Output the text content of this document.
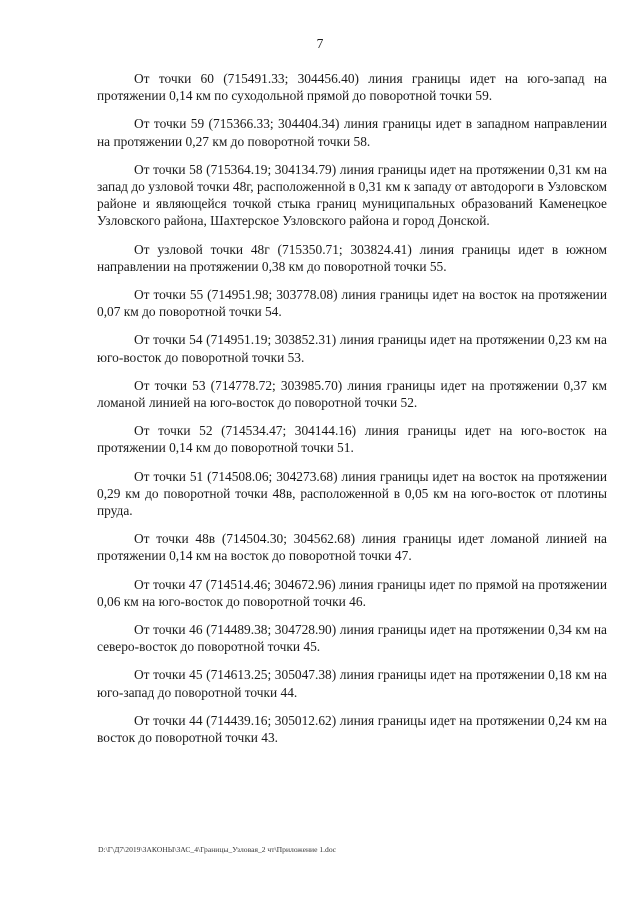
7

От точки 60 (715491.33; 304456.40) линия границы идет на юго-запад на протяжении 0,14 км по суходольной прямой до поворотной точки 59.

От точки 59 (715366.33; 304404.34) линия границы идет в западном направлении на протяжении 0,27 км до поворотной точки 58.

От точки 58 (715364.19; 304134.79) линия границы идет на протяжении 0,31 км на запад до узловой точки 48г, расположенной в 0,31 км к западу от автодороги в Узловском районе и являющейся точкой стыка границ муниципальных образований Каменецкое Узловского района, Шахтерское Узловского района и город Донской.

От узловой точки 48г (715350.71; 303824.41) линия границы идет в южном направлении на протяжении 0,38 км до поворотной точки 55.

От точки 55 (714951.98; 303778.08) линия границы идет на восток на протяжении 0,07 км до поворотной точки 54.

От точки 54 (714951.19; 303852.31) линия границы идет на протяжении 0,23 км на юго-восток до поворотной точки 53.

От точки 53 (714778.72; 303985.70) линия границы идет на протяжении 0,37 км ломаной линией на юго-восток до поворотной точки 52.

От точки 52 (714534.47; 304144.16) линия границы идет на юго-восток на протяжении 0,14 км до поворотной точки 51.

От точки 51 (714508.06; 304273.68) линия границы идет на восток на протяжении 0,29 км до поворотной точки 48в, расположенной в 0,05 км на юго-восток от плотины пруда.

От точки 48в (714504.30; 304562.68) линия границы идет ломаной линией на протяжении 0,14 км на восток до поворотной точки 47.

От точки 47 (714514.46; 304672.96) линия границы идет по прямой на протяжении 0,06 км на юго-восток до поворотной точки 46.

От точки 46 (714489.38; 304728.90) линия границы идет на протяжении 0,34 км на северо-восток до поворотной точки 45.

От точки 45 (714613.25; 305047.38) линия границы идет на протяжении 0,18 км на юго-запад до поворотной точки 44.

От точки 44 (714439.16; 305012.62) линия границы идет на протяжении 0,24 км на восток до поворотной точки 43.

D:\Г\Д7\2019\ЗАКОНЫ\ЗАС_4\Границы_Узловая_2 чт\Приложение 1.doc
